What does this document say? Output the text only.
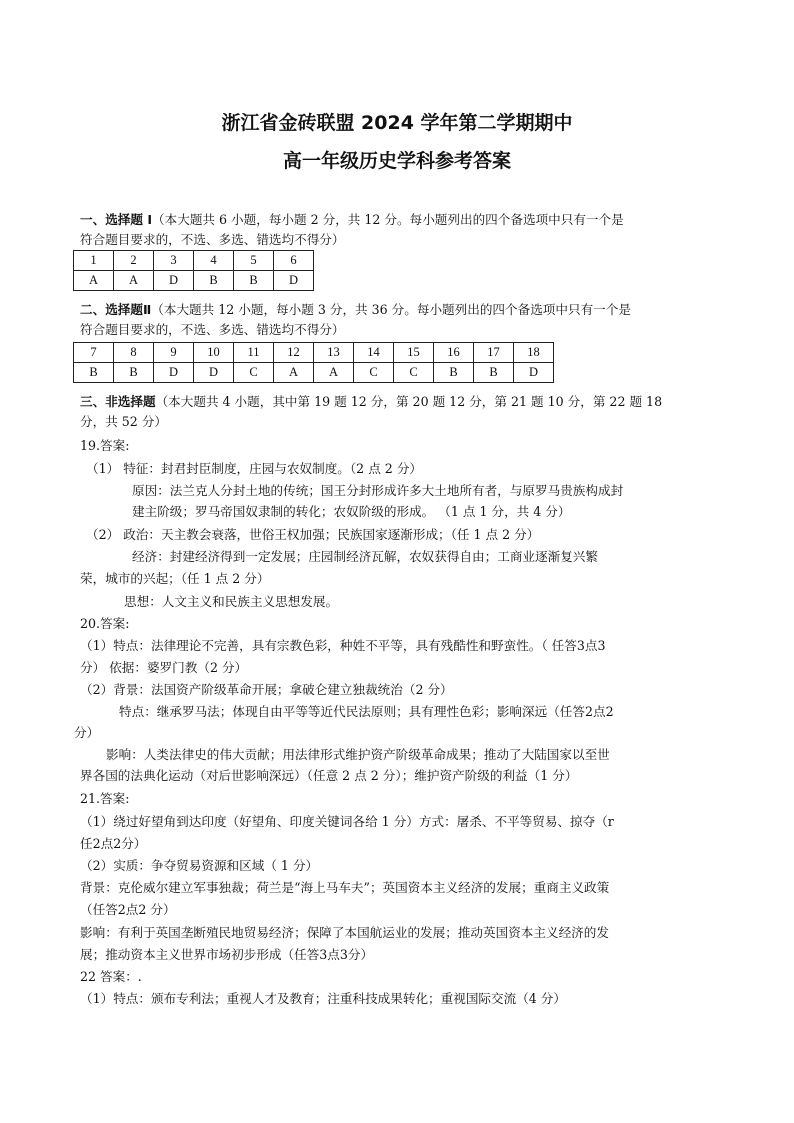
浙江省金砖联盟 2024 学年第二学期期中
高一年级历史学科参考答案
一、选择题 Ⅰ（本大题共 6 小题，每小题 2 分，共 12 分。每小题列出的四个备选项中只有一个是
符合题目要求的，不选、多选、错选均不得分）
1	2	3	4	5	6
A	A	D	B	B	D
二、选择题Ⅱ（本大题共 12 小题，每小题 3 分，共 36 分。每小题列出的四个备选项中只有一个是
符合题目要求的，不选、多选、错选均不得分）
7	8	9	10	11	12	13	14	15	16	17	18
B	B	D	D	C	A	A	C	C	B	B	D
三、非选择题（本大题共 4 小题，其中第 19 题 12 分，第 20 题 12 分，第 21 题 10 分，第 22 题 18
分，共 52 分）
19.答案:
（1） 特征：封君封臣制度，庄园与农奴制度。（2 点 2 分）
原因：法兰克人分封土地的传统；国王分封形成许多大土地所有者，与原罗马贵族构成封
建主阶级；罗马帝国奴隶制的转化；农奴阶级的形成。 （1 点 1 分，共 4 分）
（2） 政治：天主教会衰落，世俗王权加强；民族国家逐渐形成；（任 1 点 2 分）
经济：封建经济得到一定发展；庄园制经济瓦解，农奴获得自由；工商业逐渐复兴繁
荣，城市的兴起；（任 1 点 2 分）
思想：人文主义和民族主义思想发展。
20.答案:
（1）特点：法律理论不完善，具有宗教色彩，种姓不平等，具有残酷性和野蛮性。（ 任答3点3
分） 依据：婆罗门教（2 分）
（2）背景：法国资产阶级革命开展；拿破仑建立独裁统治（2 分）
特点：继承罗马法；体现自由平等等近代民法原则；具有理性色彩；影响深远（任答2点2
分）
影响：人类法律史的伟大贡献；用法律形式维护资产阶级革命成果；推动了大陆国家以至世
界各国的法典化运动（对后世影响深远）（任意 2 点 2 分）；维护资产阶级的利益（1 分）
21.答案:
（1）绕过好望角到达印度（好望角、印度关键词各给 1 分）方式：屠杀、不平等贸易、掠夺（r
任2点2分）
（2）实质：争夺贸易资源和区域（ 1 分）
背景：克伦威尔建立军事独裁；荷兰是“海上马车夫”；英国资本主义经济的发展；重商主义政策
（任答2点2 分）
影响：有利于英国垄断殖民地贸易经济；保障了本国航运业的发展；推动英国资本主义经济的发
展；推动资本主义世界市场初步形成（任答3点3分）
22 答案：.
（1）特点：颁布专利法；重视人才及教育；注重科技成果转化；重视国际交流（4 分）
